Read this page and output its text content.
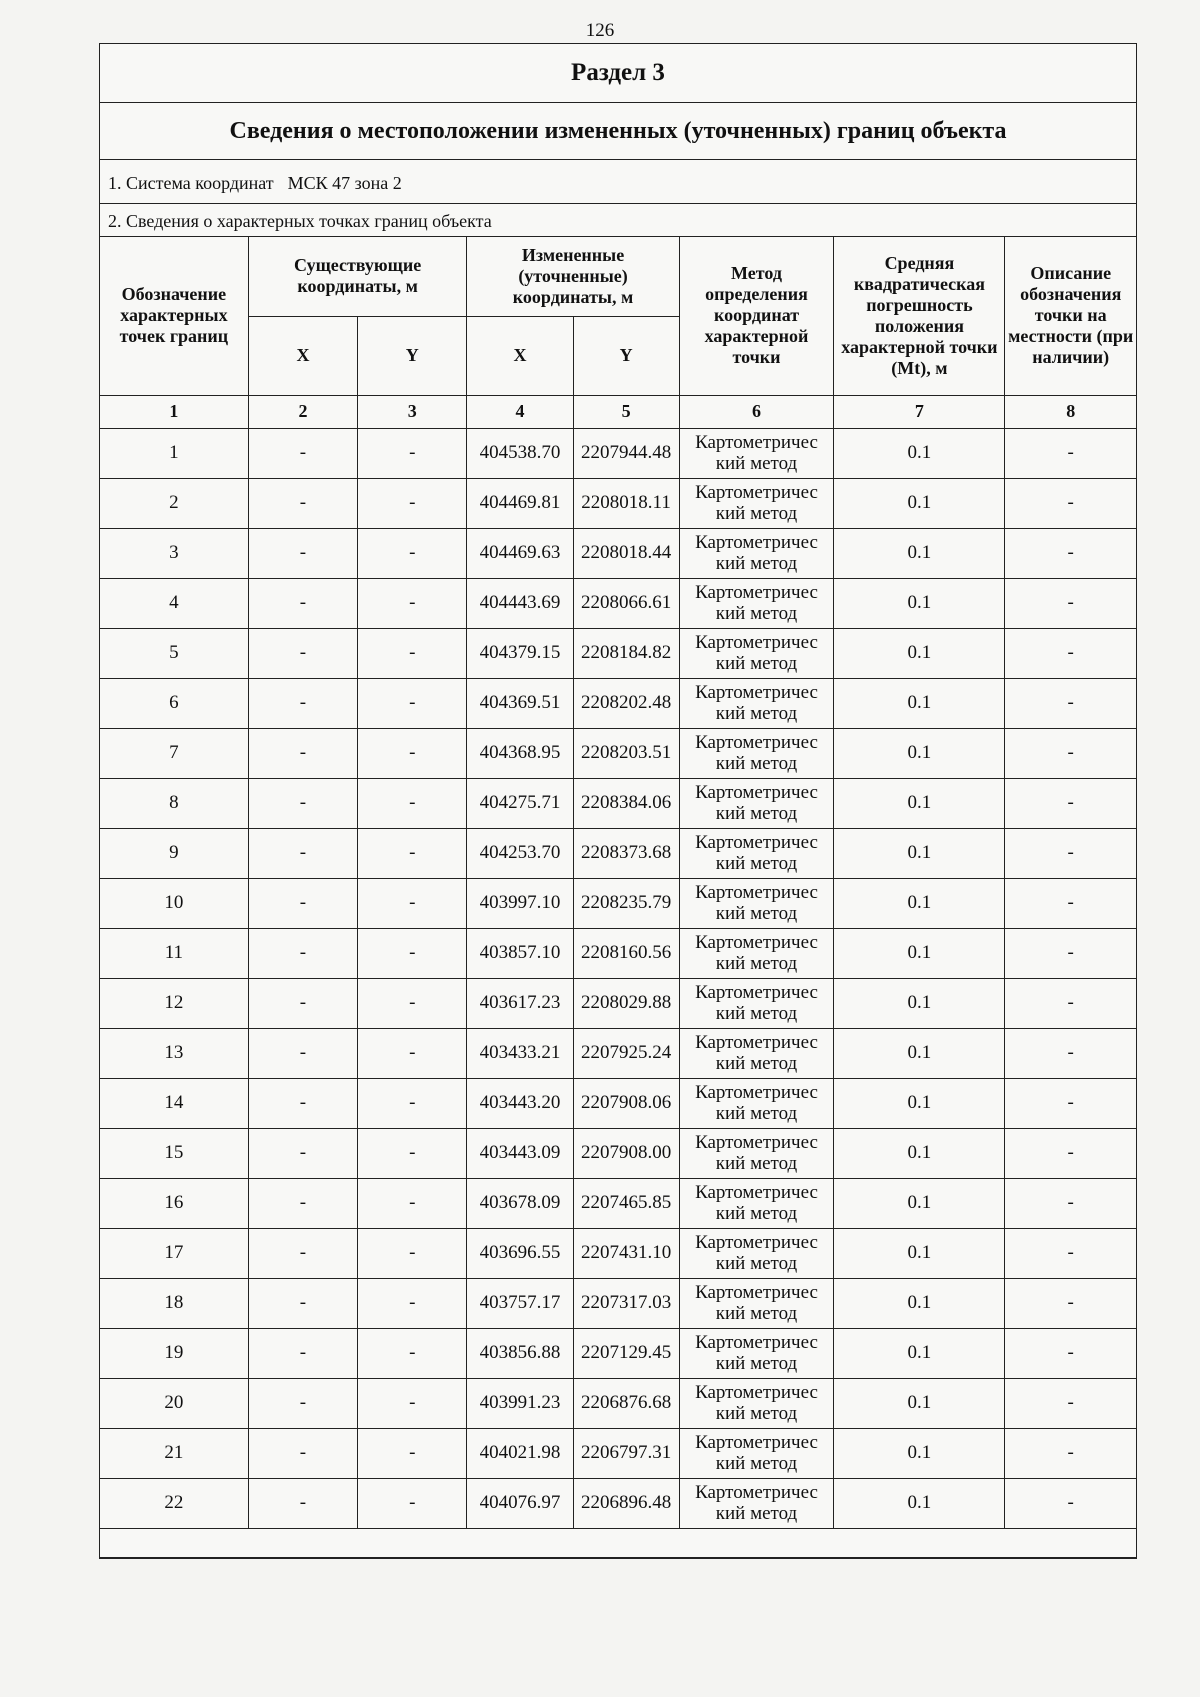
126
Раздел 3
Сведения о местоположении измененных (уточненных) границ объекта
1. Система координат МСК 47 зона 2
2. Сведения о характерных точках границ объекта
Обозначение характерных точек границ	Существующие координаты, м		Измененные (уточненные) координаты, м		Метод определения координат характерной точки	Средняя квадратическая погрешность положения характерной точки (Mt), м	Описание обозначения точки на местности (при наличии)
	X	Y	X	Y			
1	2	3	4	5	6	7	8
1	-	-	404538.70	2207944.48	Картометричес кий метод	0.1	-
2	-	-	404469.81	2208018.11	Картометричес кий метод	0.1	-
3	-	-	404469.63	2208018.44	Картометричес кий метод	0.1	-
4	-	-	404443.69	2208066.61	Картометричес кий метод	0.1	-
5	-	-	404379.15	2208184.82	Картометричес кий метод	0.1	-
6	-	-	404369.51	2208202.48	Картометричес кий метод	0.1	-
7	-	-	404368.95	2208203.51	Картометричес кий метод	0.1	-
8	-	-	404275.71	2208384.06	Картометричес кий метод	0.1	-
9	-	-	404253.70	2208373.68	Картометричес кий метод	0.1	-
10	-	-	403997.10	2208235.79	Картометричес кий метод	0.1	-
11	-	-	403857.10	2208160.56	Картометричес кий метод	0.1	-
12	-	-	403617.23	2208029.88	Картометричес кий метод	0.1	-
13	-	-	403433.21	2207925.24	Картометричес кий метод	0.1	-
14	-	-	403443.20	2207908.06	Картометричес кий метод	0.1	-
15	-	-	403443.09	2207908.00	Картометричес кий метод	0.1	-
16	-	-	403678.09	2207465.85	Картометричес кий метод	0.1	-
17	-	-	403696.55	2207431.10	Картометричес кий метод	0.1	-
18	-	-	403757.17	2207317.03	Картометричес кий метод	0.1	-
19	-	-	403856.88	2207129.45	Картометричес кий метод	0.1	-
20	-	-	403991.23	2206876.68	Картометричес кий метод	0.1	-
21	-	-	404021.98	2206797.31	Картометричес кий метод	0.1	-
22	-	-	404076.97	2206896.48	Картометричес кий метод	0.1	-
